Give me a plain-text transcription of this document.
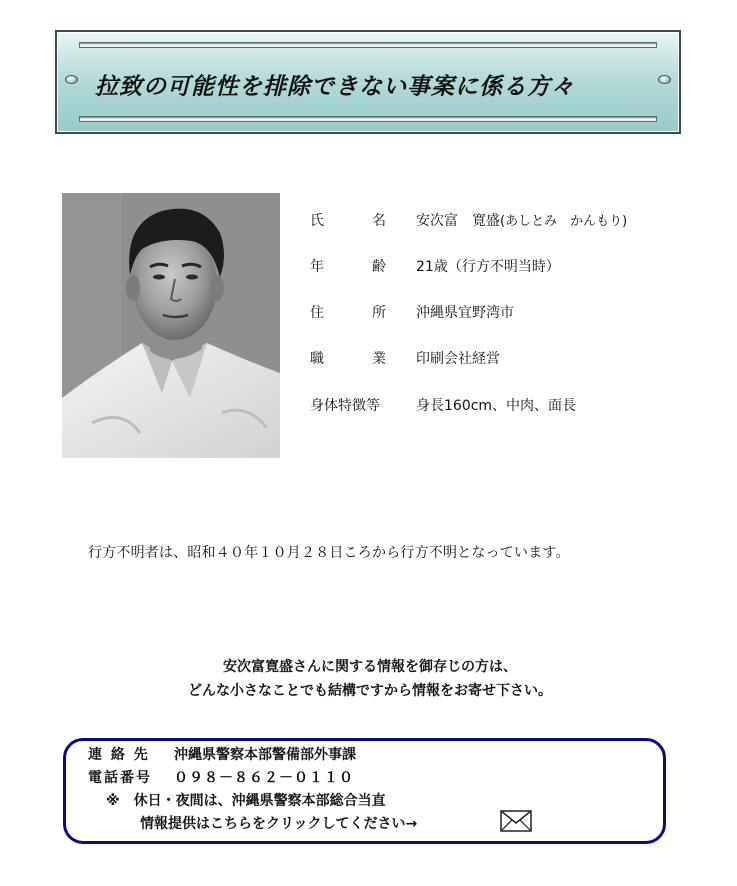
拉致の可能性を排除できない事案に係る方々
氏	名 安次富　寛盛(あしとみ　かんもり)
年	齢 21歳（行方不明当時）
住	所 沖縄県宜野湾市
職	業 印刷会社経営
身体特徴等	身長160cm、中肉、面長
行方不明者は、昭和４０年１０月２８日ころから行方不明となっています。
安次富寛盛さんに関する情報を御存じの方は、
どんな小さなことでも結構ですから情報をお寄せ下さい。
連 絡 先 沖縄県警察本部警備部外事課
電話番号 ０９８－８６２－０１１０
※　休日・夜間は、沖縄県警察本部総合当直
情報提供はこちらをクリックしてください→
